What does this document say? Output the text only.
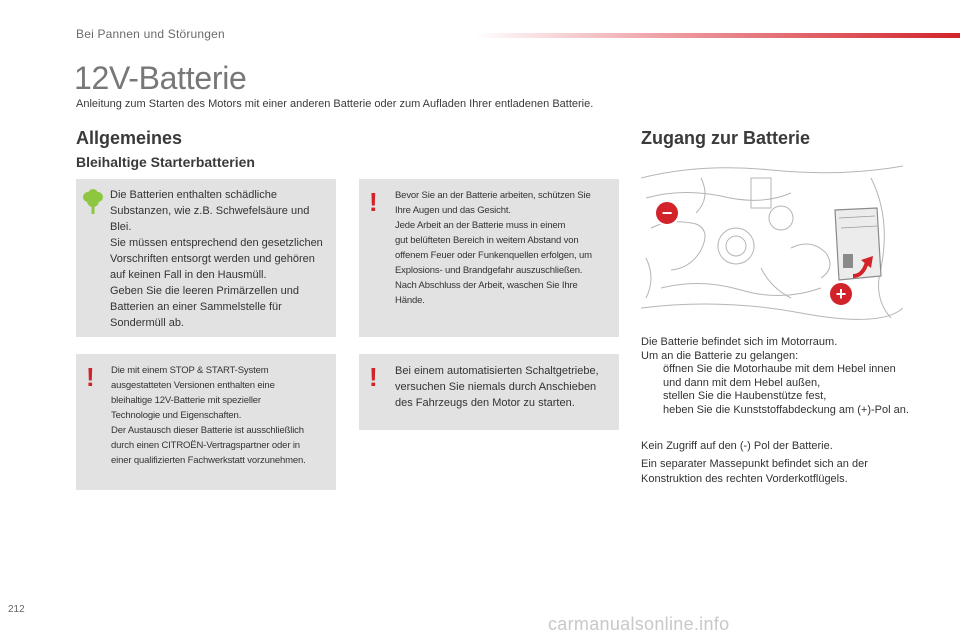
Bei Pannen und Störungen
12V-Batterie
Anleitung zum Starten des Motors mit einer anderen Batterie oder zum Aufladen Ihrer entladenen Batterie.
Allgemeines
Bleihaltige Starterbatterien
Die Batterien enthalten schädliche
Substanzen, wie z.B. Schwefelsäure und
Blei.
Sie müssen entsprechend den gesetzlichen
Vorschriften entsorgt werden und gehören
auf keinen Fall in den Hausmüll.
Geben Sie die leeren Primärzellen und
Batterien an einer Sammelstelle für
Sondermüll ab.
! Die mit einem STOP & START-System
ausgestatteten Versionen enthalten eine
bleihaltige 12V-Batterie mit spezieller
Technologie und Eigenschaften.
Der Austausch dieser Batterie ist ausschließlich
durch einen CITROËN-Vertragspartner oder in
einer qualifizierten Fachwerkstatt vorzunehmen.
! Bevor Sie an der Batterie arbeiten, schützen Sie
Ihre Augen und das Gesicht.
Jede Arbeit an der Batterie muss in einem
gut belüfteten Bereich in weitem Abstand von
offenem Feuer oder Funkenquellen erfolgen, um
Explosions- und Brandgefahr auszuschließen.
Nach Abschluss der Arbeit, waschen Sie Ihre
Hände.
! Bei einem automatisierten Schaltgetriebe,
versuchen Sie niemals durch Anschieben
des Fahrzeugs den Motor zu starten.
Zugang zur Batterie
−
+
Die Batterie befindet sich im Motorraum.
Um an die Batterie zu gelangen:
öffnen Sie die Motorhaube mit dem Hebel innen und dann mit dem Hebel außen,
stellen Sie die Haubenstütze fest,
heben Sie die Kunststoffabdeckung am (+)-Pol an.
Kein Zugriff auf den (-) Pol der Batterie.
Ein separater Massepunkt befindet sich an der
Konstruktion des rechten Vorderkotflügels.
212
carmanualsonline.info
